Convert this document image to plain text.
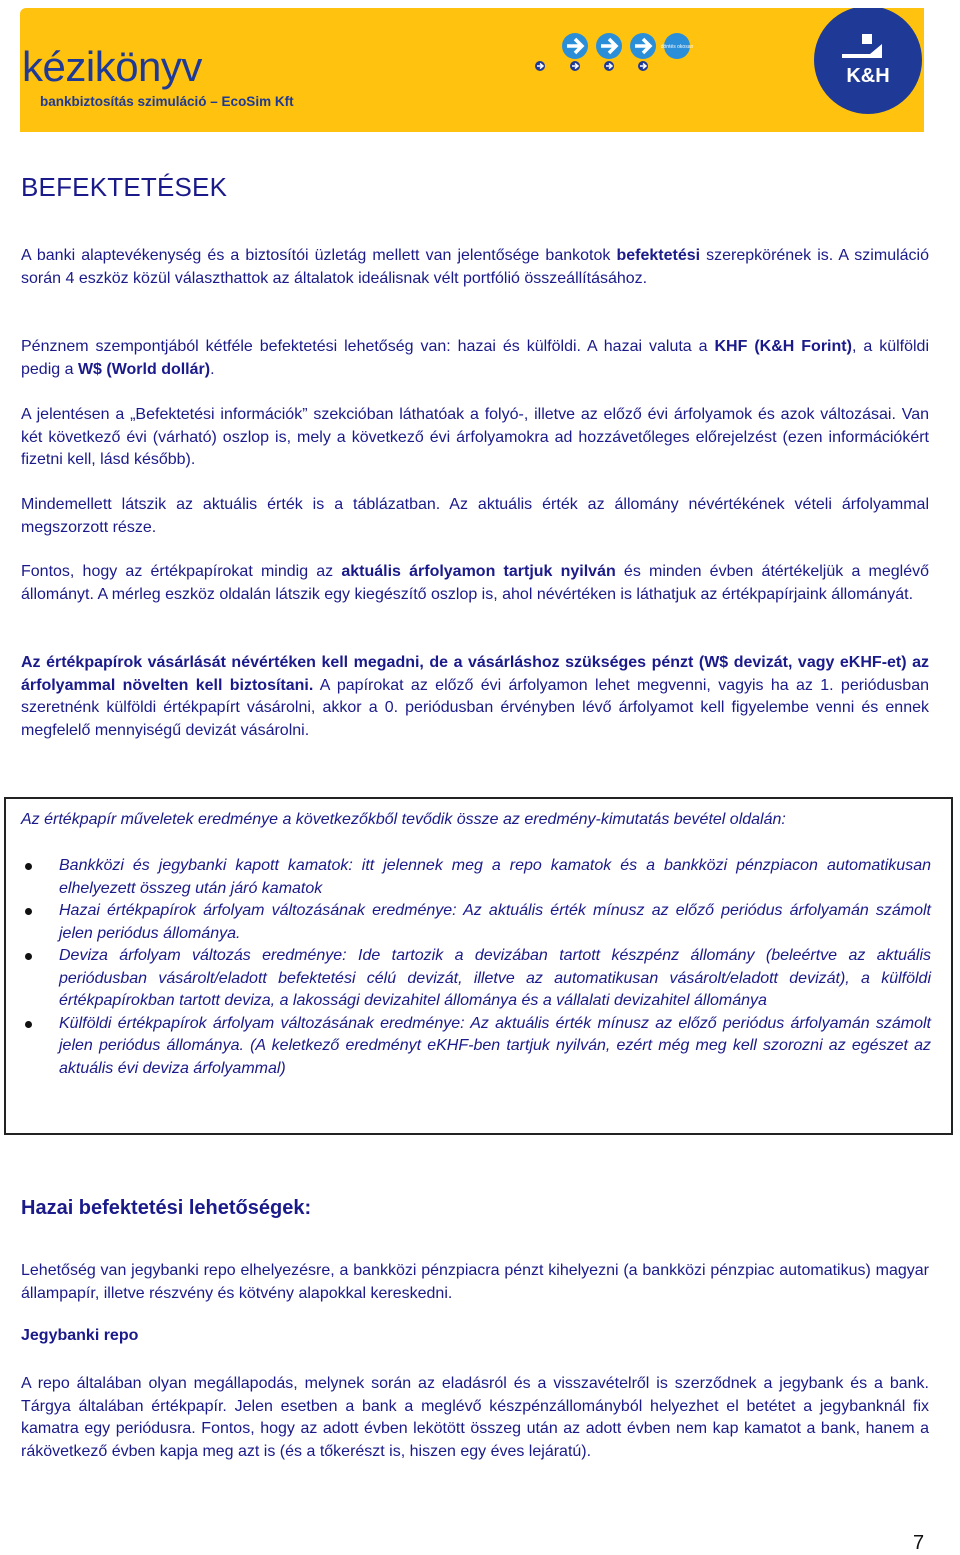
kézikönyv
bankbiztosítás szimuláció – EcoSim Kft
döntés okosan
K&H
BEFEKTETÉSEK

A banki alaptevékenység és a biztosítói üzletág mellett van jelentősége bankotok befektetési szerepkörének is. A szimuláció során 4 eszköz közül választhattok az általatok ideálisnak vélt portfólió összeállításához.

Pénznem szempontjából kétféle befektetési lehetőség van: hazai és külföldi. A hazai valuta a KHF (K&H Forint), a külföldi pedig a W$ (World dollár).

A jelentésen a „Befektetési információk” szekcióban láthatóak a folyó-, illetve az előző évi árfolyamok és azok változásai. Van két következő évi (várható) oszlop is, mely a következő évi árfolyamokra ad hozzávetőleges előrejelzést (ezen információkért fizetni kell, lásd később).

Mindemellett látszik az aktuális érték is a táblázatban. Az aktuális érték az állomány névértékének vételi árfolyammal megszorzott része.

Fontos, hogy az értékpapírokat mindig az aktuális árfolyamon tartjuk nyilván és minden évben átértékeljük a meglévő állományt. A mérleg eszköz oldalán látszik egy kiegészítő oszlop is, ahol névértéken is láthatjuk az értékpapírjaink állományát.

Az értékpapírok vásárlását névértéken kell megadni, de a vásárláshoz szükséges pénzt (W$ devizát, vagy eKHF-et) az árfolyammal növelten kell biztosítani. A papírokat az előző évi árfolyamon lehet megvenni, vagyis ha az 1. periódusban szeretnénk külföldi értékpapírt vásárolni, akkor a 0. periódusban érvényben lévő árfolyamot kell figyelembe venni és ennek megfelelő mennyiségű devizát vásárolni.

Az értékpapír műveletek eredménye a következőkből tevődik össze az eredmény-kimutatás bevétel oldalán:

Bankközi és jegybanki kapott kamatok: itt jelennek meg a repo kamatok és a bankközi pénzpiacon automatikusan elhelyezett összeg után járó kamatok
Hazai értékpapírok árfolyam változásának eredménye: Az aktuális érték mínusz az előző periódus árfolyamán számolt jelen periódus állománya.
Deviza árfolyam változás eredménye: Ide tartozik a devizában tartott készpénz állomány (beleértve az aktuális periódusban vásárolt/eladott befektetési célú devizát, illetve az automatikusan vásárolt/eladott devizát), a külföldi értékpapírokban tartott deviza, a lakossági devizahitel állománya és a vállalati devizahitel állománya
Külföldi értékpapírok árfolyam változásának eredménye: Az aktuális érték mínusz az előző periódus árfolyamán számolt jelen periódus állománya. (A keletkező eredményt eKHF-ben tartjuk nyilván, ezért még meg kell szorozni az egészet az aktuális évi deviza árfolyammal)
Hazai befektetési lehetőségek:

Lehetőség van jegybanki repo elhelyezésre, a bankközi pénzpiacra pénzt kihelyezni (a bankközi pénzpiac automatikus) magyar állampapír, illetve részvény és kötvény alapokkal kereskedni.

Jegybanki repo

A repo általában olyan megállapodás, melynek során az eladásról és a visszavételről is szerződnek a jegybank és a bank. Tárgya általában értékpapír. Jelen esetben a bank a meglévő készpénzállományból helyezhet el betétet a jegybanknál fix kamatra egy periódusra. Fontos, hogy az adott évben lekötött összeg után az adott évben nem kap kamatot a bank, hanem a rákövetkező évben kapja meg azt is (és a tőkerészt is, hiszen egy éves lejáratú).

7
